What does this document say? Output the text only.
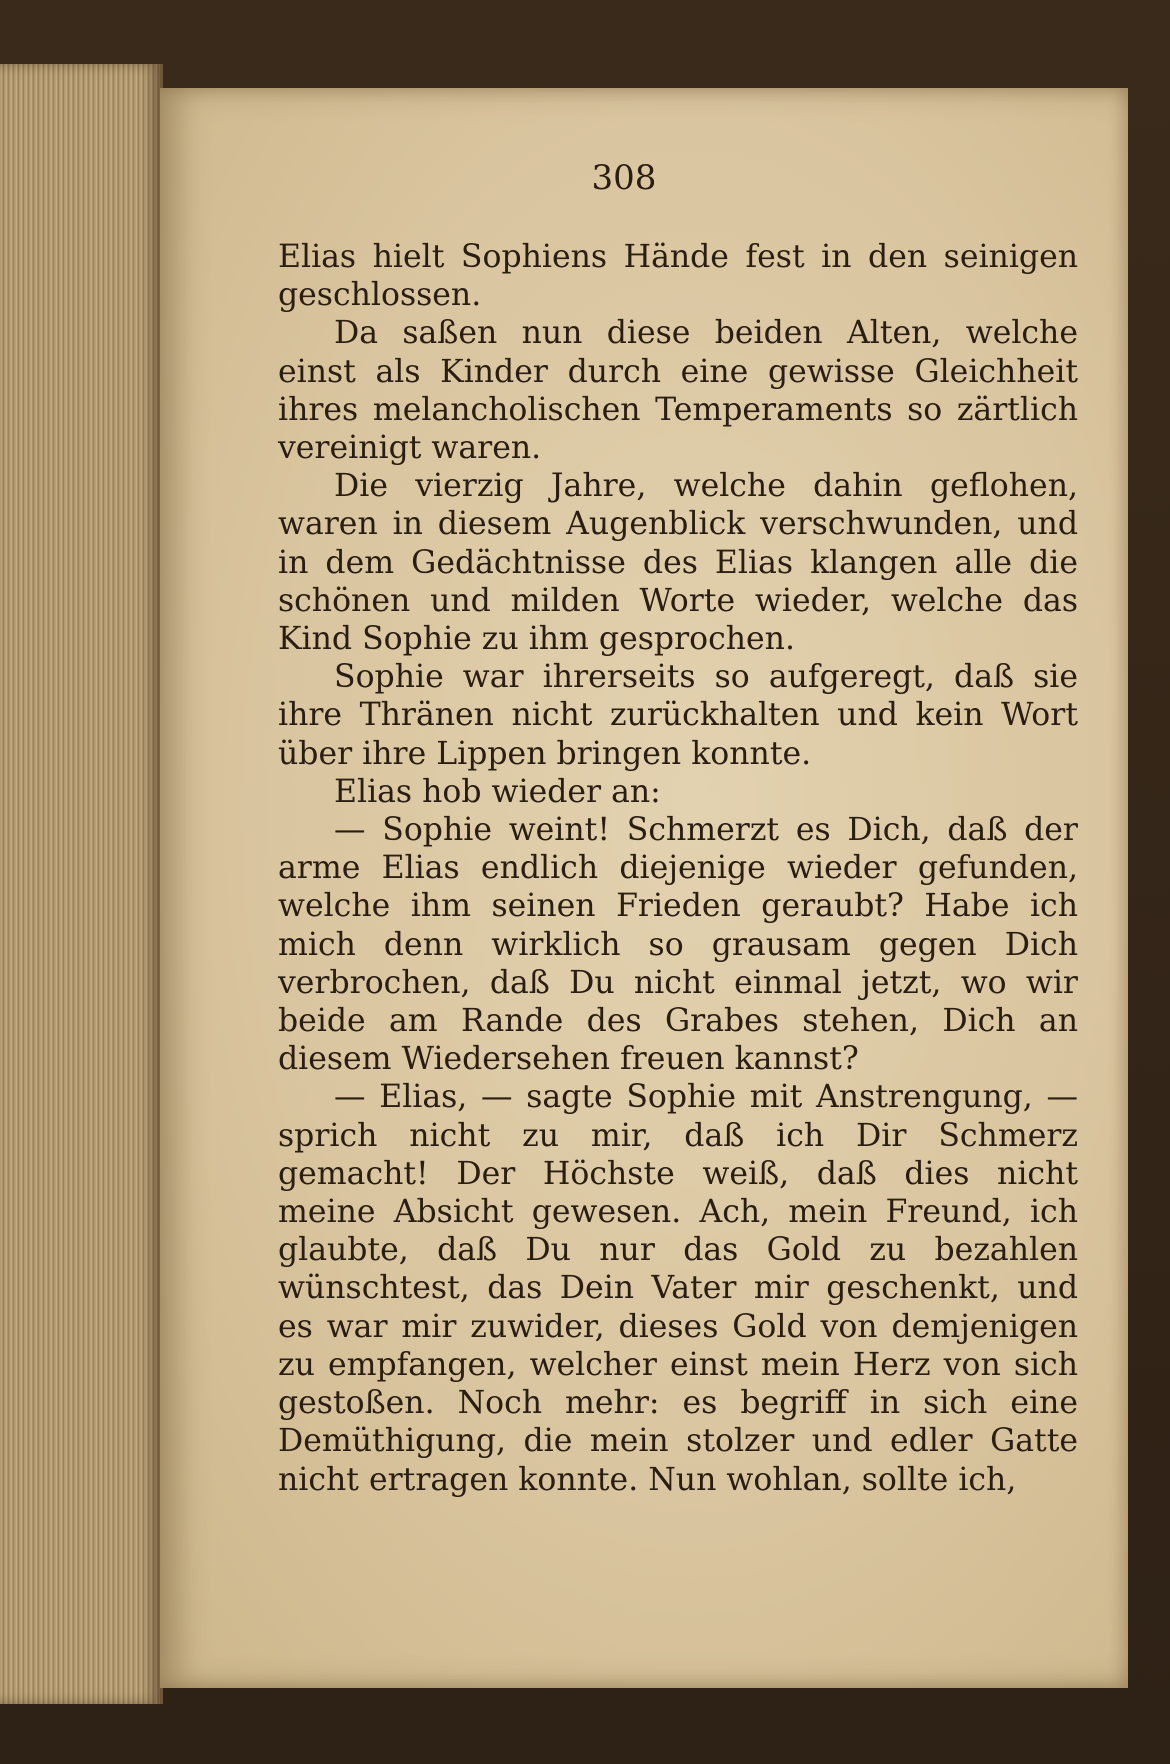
308

Elias hielt Sophiens Hände fest in den seinigen geschlossen.

Da saßen nun diese beiden Alten, welche einst als Kinder durch eine gewisse Gleichheit ihres melancholischen Temperaments so zärtlich vereinigt waren.

Die vierzig Jahre, welche dahin geflohen, waren in diesem Augenblick verschwunden, und in dem Gedächtnisse des Elias klangen alle die schönen und milden Worte wieder, welche das Kind Sophie zu ihm gesprochen.

Sophie war ihrerseits so aufgeregt, daß sie ihre Thränen nicht zurückhalten und kein Wort über ihre Lippen bringen konnte.

Elias hob wieder an:

— Sophie weint! Schmerzt es Dich, daß der arme Elias endlich diejenige wieder gefunden, welche ihm seinen Frieden geraubt? Habe ich mich denn wirklich so grausam gegen Dich verbrochen, daß Du nicht einmal jetzt, wo wir beide am Rande des Grabes stehen, Dich an diesem Wiedersehen freuen kannst?

— Elias, — sagte Sophie mit Anstrengung, — sprich nicht zu mir, daß ich Dir Schmerz gemacht! Der Höchste weiß, daß dies nicht meine Absicht gewesen. Ach, mein Freund, ich glaubte, daß Du nur das Gold zu bezahlen wünschtest, das Dein Vater mir geschenkt, und es war mir zuwider, dieses Gold von demjenigen zu empfangen, welcher einst mein Herz von sich gestoßen. Noch mehr: es begriff in sich eine Demüthigung, die mein stolzer und edler Gatte nicht ertragen konnte. Nun wohlan, sollte ich,
